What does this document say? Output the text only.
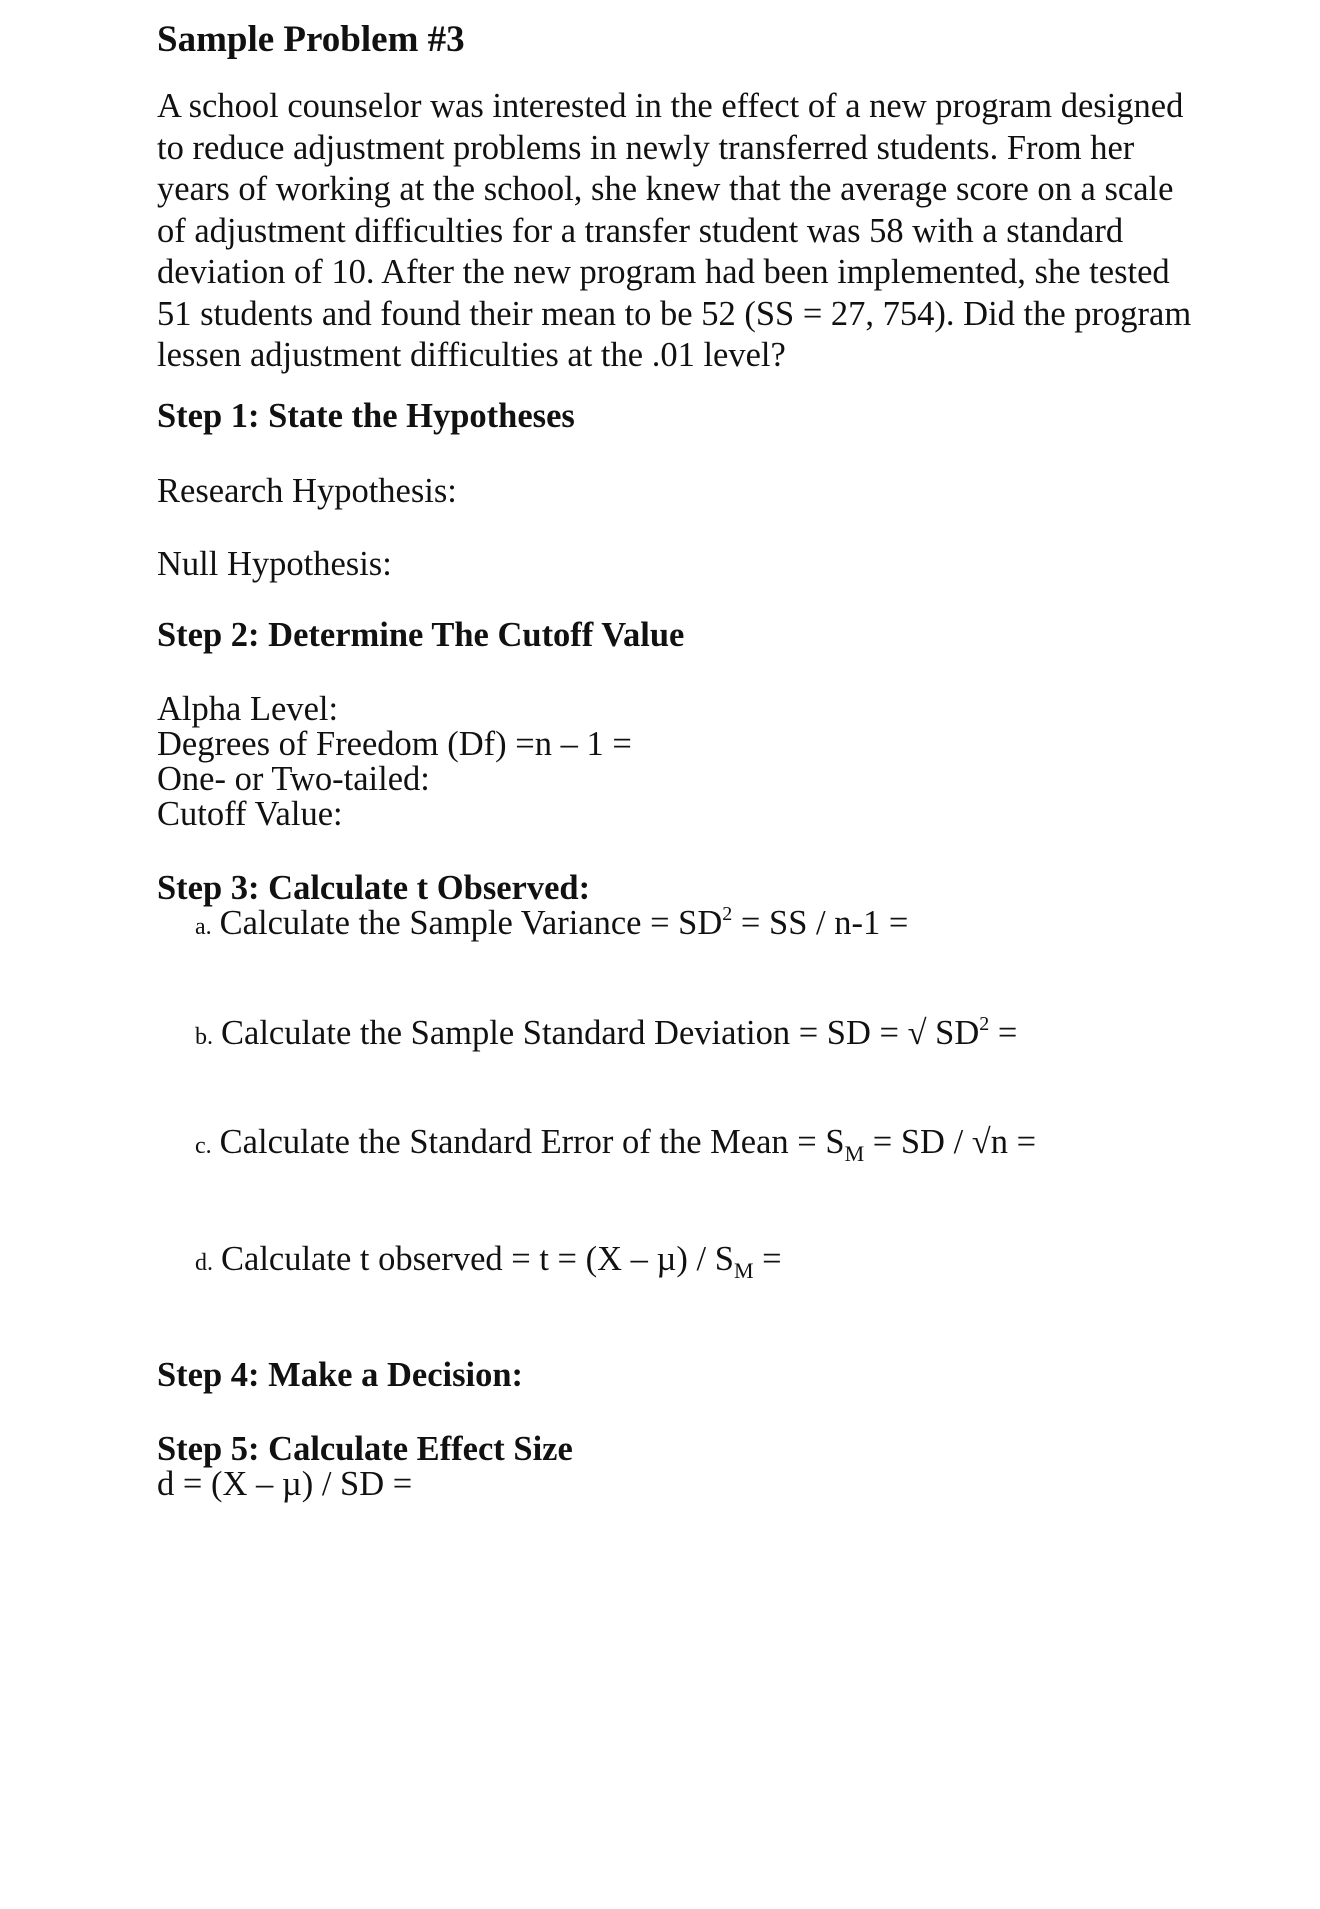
Sample Problem #3
A school counselor was interested in the effect of a new program designed to reduce adjustment problems in newly transferred students. From her years of working at the school, she knew that the average score on a scale of adjustment difficulties for a transfer student was 58 with a standard deviation of 10. After the new program had been implemented, she tested 51 students and found their mean to be 52 (SS = 27, 754). Did the program lessen adjustment difficulties at the .01 level?
Step 1: State the Hypotheses
Research Hypothesis:
Null Hypothesis:
Step 2: Determine The Cutoff Value
Alpha Level:
Degrees of Freedom (Df) =n – 1 =
One- or Two-tailed:
Cutoff Value:
Step 3: Calculate t Observed:
a. Calculate the Sample Variance = $SD^2$ = SS / n-1 =
b. Calculate the Sample Standard Deviation = SD = √ $SD^2$ =
c. Calculate the Standard Error of the Mean = $S_M$ = SD / √n =
d. Calculate t observed = $t = (X - \mu) / S_M$ =
Step 4: Make a Decision:
Step 5: Calculate Effect Size
d = (X – µ) / SD =
